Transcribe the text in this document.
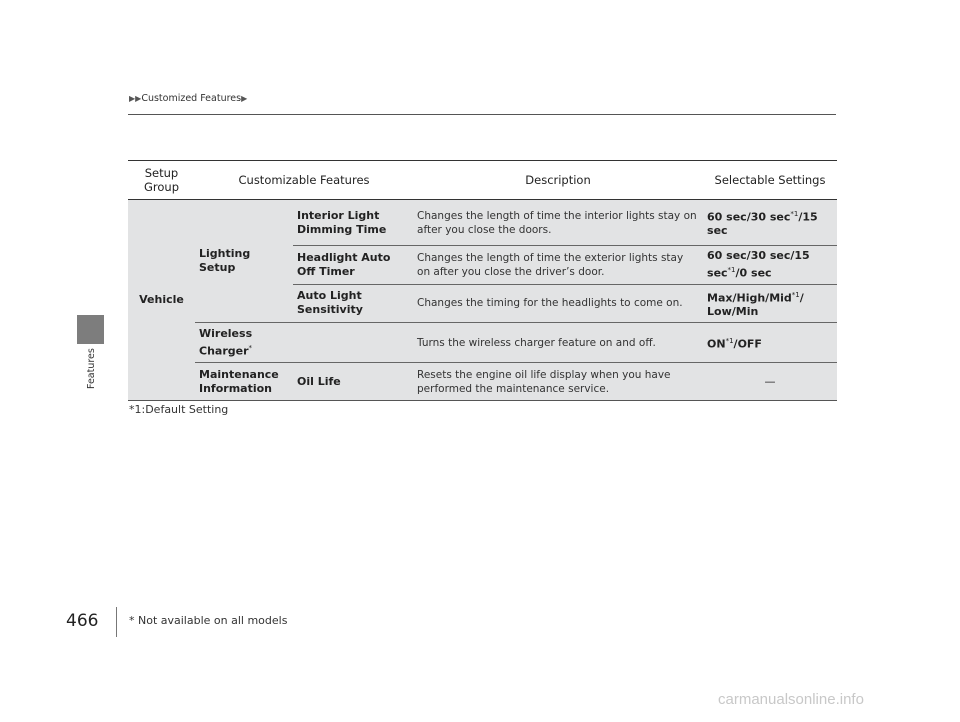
Features
▶▶Customized Features▶
Setup Group	Customizable Features		Description	Selectable Settings
Vehicle	Lighting Setup	Interior Light Dimming Time	Changes the length of time the interior lights stay on after you close the doors.	60 sec/30 $\sec^{*1}/15$ sec
		Headlight Auto Off Timer	Changes the length of time the exterior lights stay on after you close the driver’s door.	60 sec/30 sec/15 $\sec^{*1}/0$ sec
		Auto Light Sensitivity	Changes the timing for the headlights to come on.	Max/High/Mid$^{*1}$/ Low/Min
	Wireless Charger*		Turns the wireless charger feature on and off.	ON$^{*1}$/OFF
	Maintenance Information	Oil Life	Resets the engine oil life display when you have performed the maintenance service.	—
*1:Default Setting
466	* Not available on all models
carmanualsonline.info
